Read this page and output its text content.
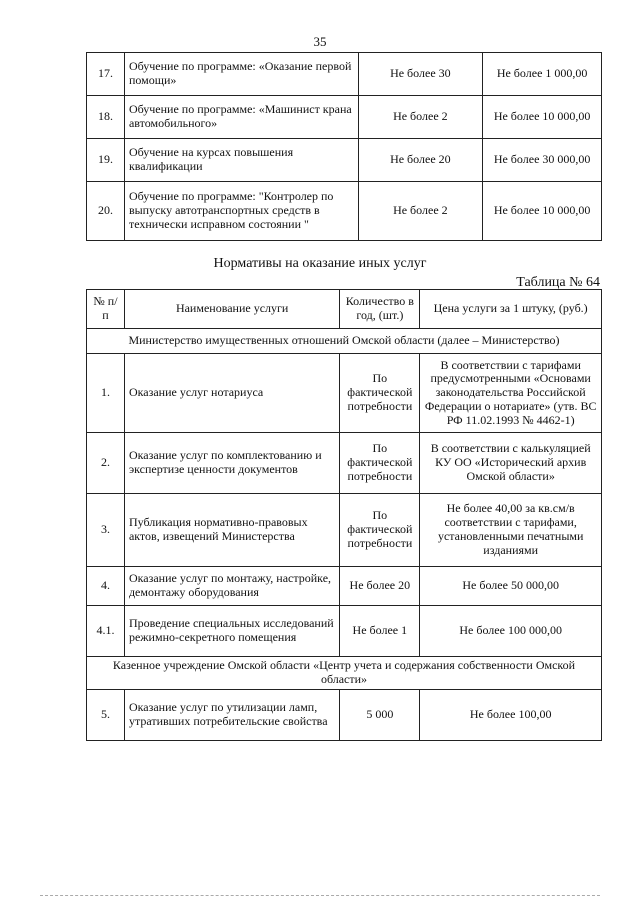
35
17.	Обучение по программе: «Оказание первой помощи»	Не более 30	Не более 1 000,00
18.	Обучение по программе: «Машинист крана автомобильного»	Не более 2	Не более 10 000,00
19.	Обучение на курсах повышения квалификации	Не более 20	Не более 30 000,00
20.	Обучение по программе: "Контролер по выпуску автотранспортных средств в технически исправном состоянии "	Не более 2	Не более 10 000,00
Нормативы на оказание иных услуг
Таблица № 64
№ п/п	Наименование услуги	Количество в год, (шт.)	Цена услуги за 1 штуку, (руб.)
Министерство имущественных отношений Омской области (далее – Министерство)			
1.	Оказание услуг нотариуса	По фактической потребности	В соответствии с тарифами предусмотренными «Основами законодательства Российской Федерации о нотариате» (утв. ВС РФ 11.02.1993 № 4462-1)
2.	Оказание услуг по комплектованию и экспертизе ценности документов	По фактической потребности	В соответствии с калькуляцией КУ ОО «Исторический архив Омской области»
3.	Публикация нормативно-правовых актов, извещений Министерства	По фактической потребности	Не более 40,00 за кв.см/в соответствии с тарифами, установленными печатными изданиями
4.	Оказание услуг по монтажу, настройке, демонтажу оборудования	Не более 20	Не более 50 000,00
4.1.	Проведение специальных исследований режимно-секретного помещения	Не более 1	Не более 100 000,00
Казенное учреждение Омской области «Центр учета и содержания собственности Омской области»			
5.	Оказание услуг по утилизации ламп, утративших потребительские свойства	5 000	Не более 100,00
